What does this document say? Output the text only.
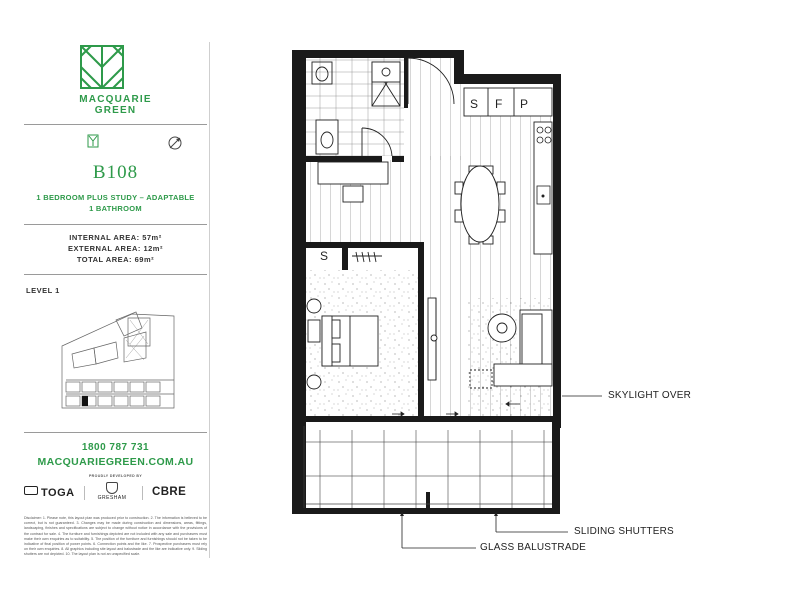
MACQUARIE
GREEN
B108
1 BEDROOM PLUS STUDY – ADAPTABLE
1 BATHROOM
INTERNAL AREA: 57m²
EXTERNAL AREA: 12m²
TOTAL AREA: 69m²
LEVEL 1
1800 787 731
MACQUARIEGREEN.COM.AU
PROUDLY DEVELOPED BY
TOGA	GRESHAM	CBRE
Disclaimer: 1. Please note, this layout plan was produced prior to construction. 2. The information is believed to be correct, but is not guaranteed. 3. Changes may be made during construction and dimensions, areas, fittings, landscaping, finishes and specifications are subject to change without notice in accordance with the provisions of the contract for sale. 4. The furniture and furnishings depicted are not included with any sale and purchasers must make their own enquiries as to suitability. 5. The position of the furniture and furnishings should not be taken to be indicative of final position of power points. 6. Connection points and the like. 7. Prospective purchasers must rely on their own enquiries. 8. All graphics including site layout and balustrade and the like are indicative only. 9. Sliding shutters are not depicted. 10. The layout plan is not an unspecified scale.
S F P
S
SKYLIGHT OVER
SLIDING SHUTTERS
GLASS BALUSTRADE
